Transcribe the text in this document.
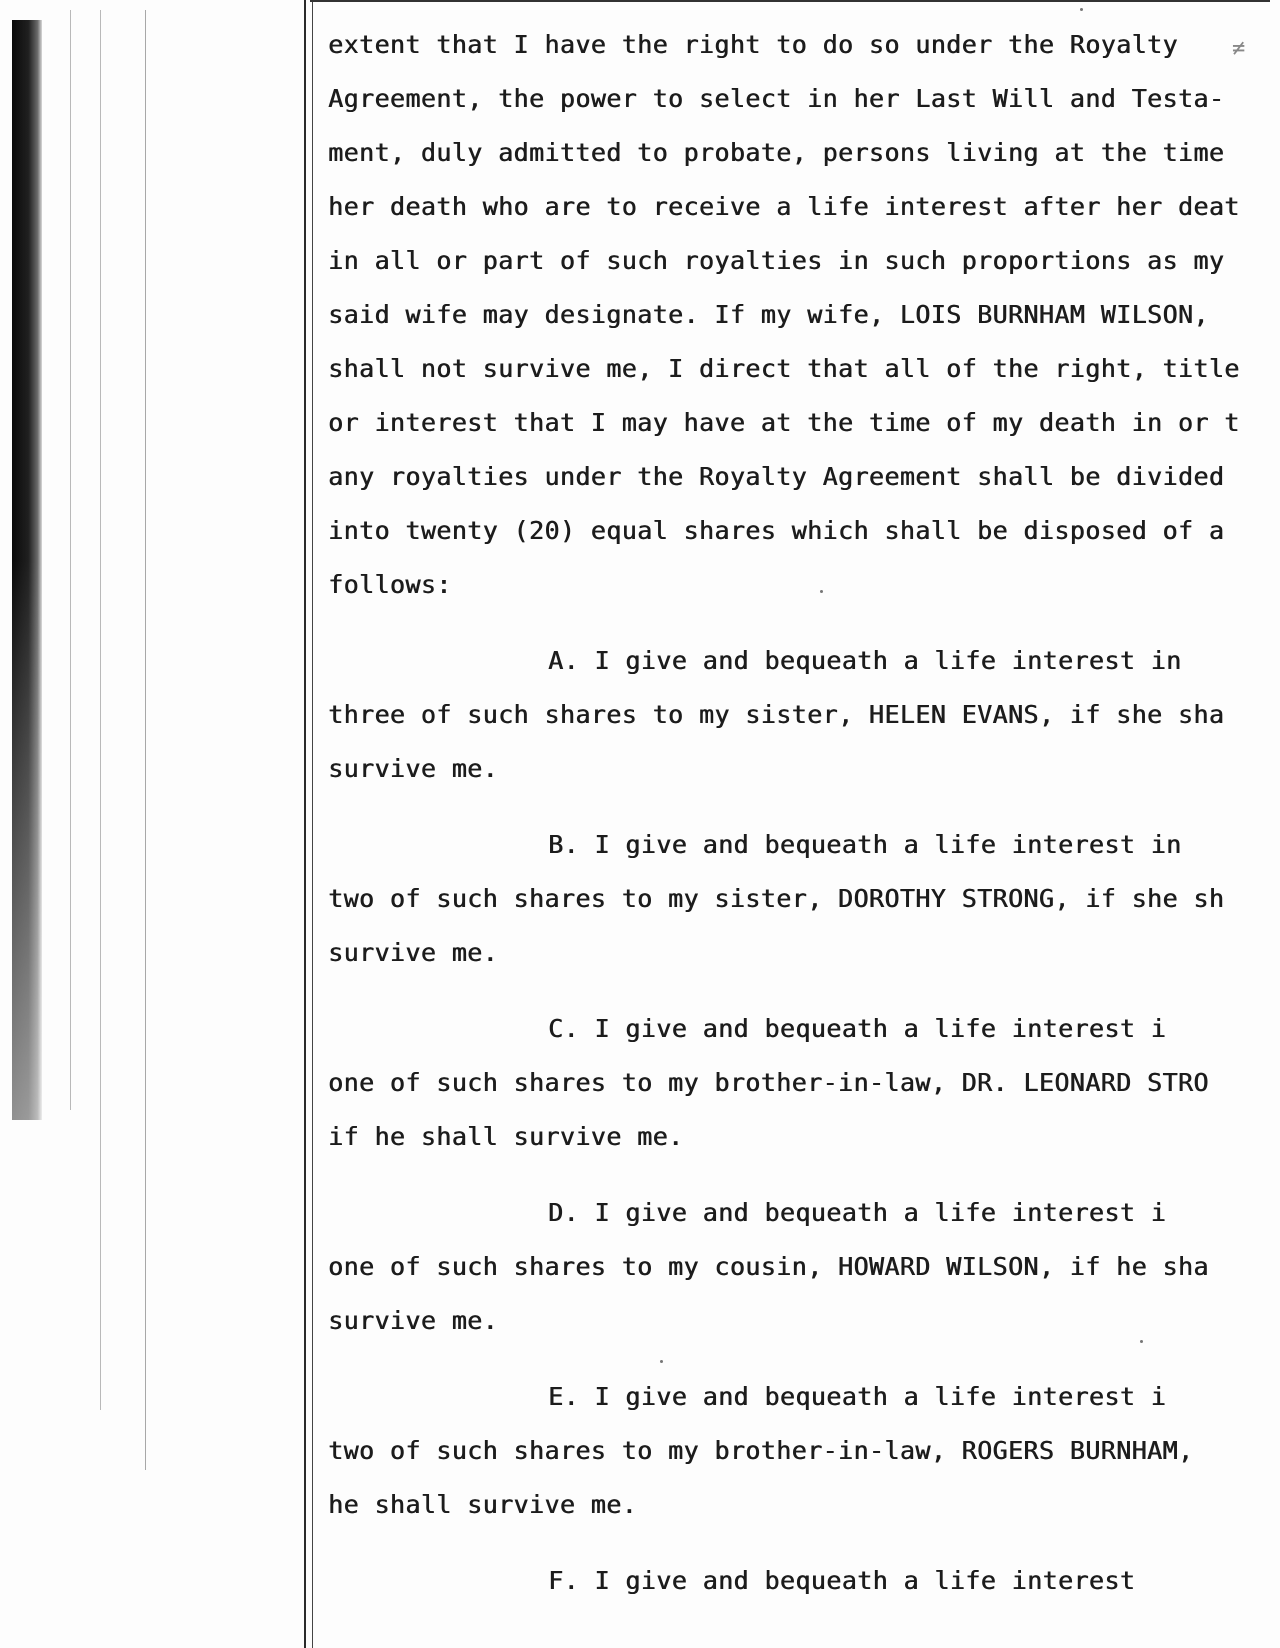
≠
extent that I have the right to do so under the Royalty
Agreement, the power to select in her Last Will and Testa-
ment, duly admitted to probate, persons living at the time
her death who are to receive a life interest after her deat
in all or part of such royalties in such proportions as my
said wife may designate. If my wife, LOIS BURNHAM WILSON,
shall not survive me, I direct that all of the right, title
or interest that I may have at the time of my death in or t
any royalties under the Royalty Agreement shall be divided
into twenty (20) equal shares which shall be disposed of a
follows:
A. I give and bequeath a life interest in
three of such shares to my sister, HELEN EVANS, if she sha
survive me.
B. I give and bequeath a life interest in
two of such shares to my sister, DOROTHY STRONG, if she sh
survive me.
C. I give and bequeath a life interest i
one of such shares to my brother-in-law, DR. LEONARD STRO
if he shall survive me.
D. I give and bequeath a life interest i
one of such shares to my cousin, HOWARD WILSON, if he sha
survive me.
E. I give and bequeath a life interest i
two of such shares to my brother-in-law, ROGERS BURNHAM,
he shall survive me.
F. I give and bequeath a life interest
